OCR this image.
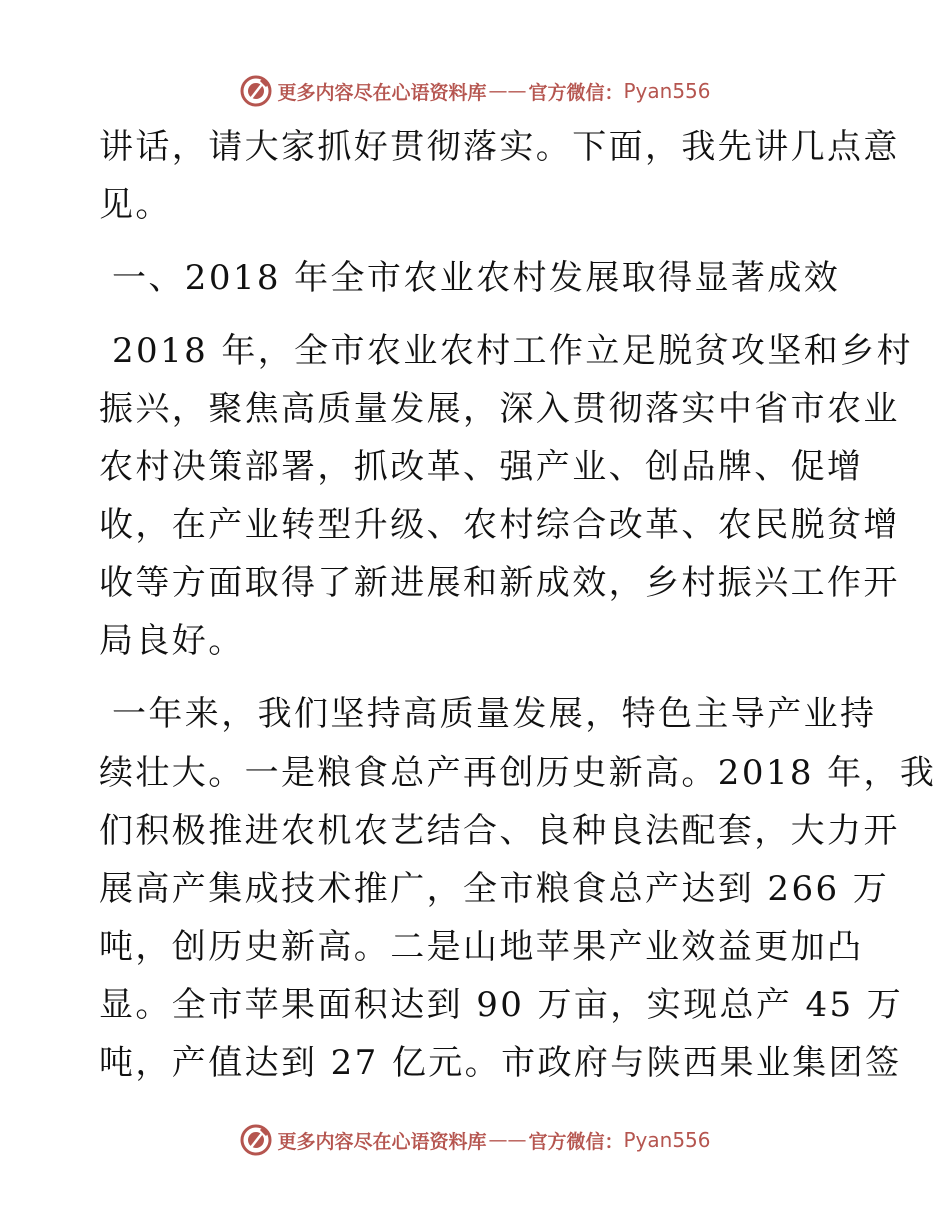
更多内容尽在心语资料库 —— 官方微信： Pyan556
讲话，请大家抓好贯彻落实。下面，我先讲几点意
见。
一、2018 年全市农业农村发展取得显著成效
2018 年，全市农业农村工作立足脱贫攻坚和乡村
振兴，聚焦高质量发展，深入贯彻落实中省市农业
农村决策部署，抓改革、强产业、创品牌、促增
收，在产业转型升级、农村综合改革、农民脱贫增
收等方面取得了新进展和新成效，乡村振兴工作开
局良好。
一年来，我们坚持高质量发展，特色主导产业持
续壮大。一是粮食总产再创历史新高。2018 年，我
们积极推进农机农艺结合、良种良法配套，大力开
展高产集成技术推广，全市粮食总产达到 266 万
吨，创历史新高。二是山地苹果产业效益更加凸
显。全市苹果面积达到 90 万亩，实现总产 45 万
吨，产值达到 27 亿元。市政府与陕西果业集团签
更多内容尽在心语资料库 —— 官方微信： Pyan556
